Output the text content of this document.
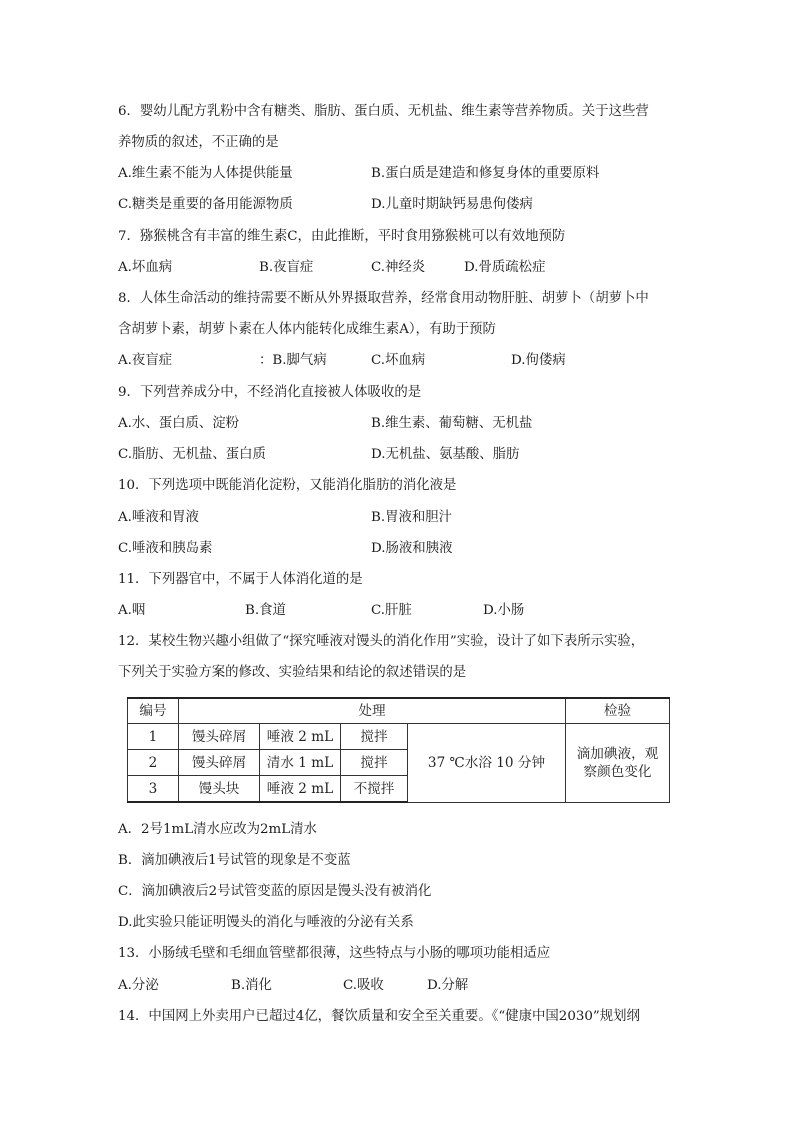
6．婴幼儿配方乳粉中含有糖类、脂肪、蛋白质、无机盐、维生素等营养物质。关于这些营
养物质的叙述，不正确的是
A.维生素不能为人体提供能量	B.蛋白质是建造和修复身体的重要原料
C.糖类是重要的备用能源物质	D.儿童时期缺钙易患佝偻病
7．猕猴桃含有丰富的维生素C，由此推断，平时食用猕猴桃可以有效地预防
A.坏血病	B.夜盲症	C.神经炎	D.骨质疏松症
8．人体生命活动的维持需要不断从外界摄取营养，经常食用动物肝脏、胡萝卜（胡萝卜中
含胡萝卜素，胡萝卜素在人体内能转化成维生素A），有助于预防
A.夜盲症	：B.脚气病	C.坏血病	D.佝偻病
9．下列营养成分中，不经消化直接被人体吸收的是
A.水、蛋白质、淀粉	B.维生素、葡萄糖、无机盐
C.脂肪、无机盐、蛋白质	D.无机盐、氨基酸、脂肪
10．下列选项中既能消化淀粉，又能消化脂肪的消化液是
A.唾液和胃液	B.胃液和胆汁
C.唾液和胰岛素	D.肠液和胰液
11．下列器官中，不属于人体消化道的是
A.咽	B.食道	C.肝脏	D.小肠
12．某校生物兴趣小组做了“探究唾液对馒头的消化作用”实验，设计了如下表所示实验，
下列关于实验方案的修改、实验结果和结论的叙述错误的是
编号	处理				检验
1	馒头碎屑	唾液 2 mL	搅拌	37 ℃水浴 10 分钟	滴加碘液，观
察颜色变化

2	馒头碎屑	清水 1 mL	搅拌		
3	馒头块	唾液 2 mL	不搅拌		
A．2号1mL清水应改为2mL清水
B．滴加碘液后1号试管的现象是不变蓝
C．滴加碘液后2号试管变蓝的原因是馒头没有被消化
D.此实验只能证明馒头的消化与唾液的分泌有关系
13．小肠绒毛壁和毛细血管壁都很薄，这些特点与小肠的哪项功能相适应
A.分泌	B.消化	C.吸收	D.分解
14．中国网上外卖用户已超过4亿，餐饮质量和安全至关重要。《“健康中国2030”规划纲
